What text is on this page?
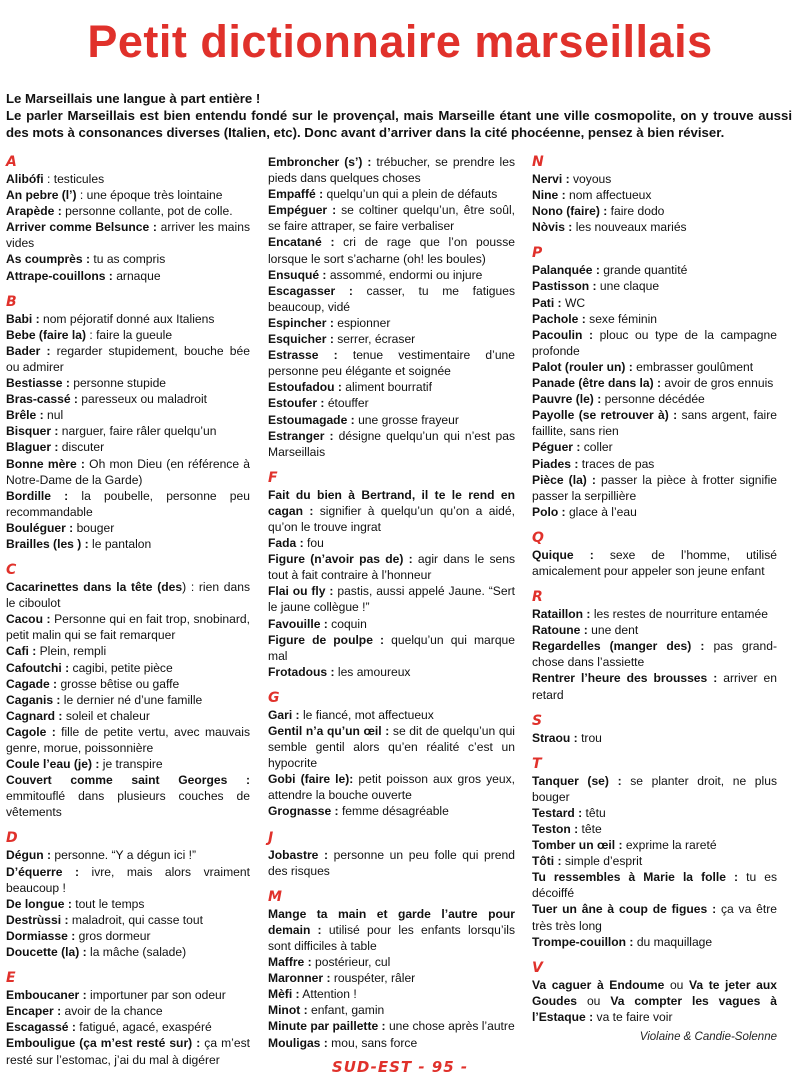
Petit dictionnaire marseillais
Le Marseillais une langue à part entière !
Le parler Marseillais est bien entendu fondé sur le provençal, mais Marseille étant une ville cosmopolite, on y trouve aussi des mots à consonances diverses (Italien, etc). Donc avant d’arriver dans la cité phocéenne, pensez à bien réviser.
A
Alibófi : testicules
An pebre (l’) : une époque très lointaine
Arapède : personne collante, pot de colle.
Arriver comme Belsunce : arriver les mains vides
As coumprès : tu as compris
Attrape-couillons : arnaque
B
Babi : nom péjoratif donné aux Italiens
Bebe (faire la) : faire la gueule
Bader : regarder stupidement, bouche bée ou admirer
Bestiasse : personne stupide
Bras-cassé : paresseux ou maladroit
Brêle : nul
Bisquer : narguer, faire râler quelqu’un
Blaguer : discuter
Bonne mère : Oh mon Dieu (en référence à Notre-Dame de la Garde)
Bordille : la poubelle, personne peu recommandable
Bouléguer : bouger
Brailles (les ) : le pantalon
C
Cacarinettes dans la tête (des) : rien dans le ciboulot
Cacou : Personne qui en fait trop, snobinard, petit malin qui se fait remarquer
Cafi : Plein, rempli
Cafoutchi : cagibi, petite pièce
Cagade : grosse bêtise ou gaffe
Caganis : le dernier né d’une famille
Cagnard : soleil et chaleur
Cagole : fille de petite vertu, avec mauvais genre, morue, poissonnière
Coule l’eau (je) : je transpire
Couvert comme saint Georges : emmitouflé dans plusieurs couches de vêtements
D
Dégun : personne. “Y a dégun ici !”
D’équerre : ivre, mais alors vraiment beaucoup !
De longue : tout le temps
Destrùssi : maladroit, qui casse tout
Dormiasse : gros dormeur
Doucette (la) : la mâche (salade)
E
Emboucaner : importuner par son odeur
Encaper : avoir de la chance
Escagassé : fatigué, agacé, exaspéré
Embouligue (ça m’est resté sur) : ça m’est resté sur l’estomac, j’ai du mal à digérer
Embroncher (s’) : trébucher, se prendre les pieds dans quelques choses
Empaffé : quelqu’un qui a plein de défauts
Empéguer : se coltiner quelqu’un, être soûl, se faire attraper, se faire verbaliser
Encatané : cri de rage que l’on pousse lorsque le sort s’acharne (oh! les boules)
Ensuqué : assommé, endormi ou injure
Escagasser : casser, tu me fatigues beaucoup, vidé
Espincher : espionner
Esquicher : serrer, écraser
Estrasse : tenue vestimentaire d’une personne peu élégante et soignée
Estoufadou : aliment bourratif
Estoufer : étouffer
Estoumagade : une grosse frayeur
Estranger : désigne quelqu’un qui n’est pas Marseillais
F
Fait du bien à Bertrand, il te le rend en cagan : signifier à quelqu’un qu’on a aidé, qu’on le trouve ingrat
Fada : fou
Figure (n’avoir pas de) : agir dans le sens tout à fait contraire à l’honneur
Flai ou fly : pastis, aussi appelé Jaune. “Sert le jaune collègue !”
Favouille : coquin
Figure de poulpe : quelqu’un qui marque mal
Frotadous : les amoureux
G
Gari : le fiancé, mot affectueux
Gentil n’a qu’un œil : se dit de quelqu’un qui semble gentil alors qu’en réalité c’est un hypocrite
Gobi (faire le): petit poisson aux gros yeux, attendre la bouche ouverte
Grognasse : femme désagréable
J
Jobastre : personne un peu folle qui prend des risques
M
Mange ta main et garde l’autre pour demain : utilisé pour les enfants lorsqu’ils sont difficiles à table
Maffre : postérieur, cul
Maronner : rouspéter, râler
Mèfi : Attention !
Minot : enfant, gamin
Minute par paillette : une chose après l’autre
Mouligas : mou, sans force
N
Nervi : voyous
Nine : nom affectueux
Nono (faire) : faire dodo
Nòvis : les nouveaux mariés
P
Palanquée : grande quantité
Pastisson : une claque
Pati : WC
Pachole : sexe féminin
Pacoulin : plouc ou type de la campagne profonde
Palot (rouler un) : embrasser goulûment
Panade (être dans la) : avoir de gros ennuis
Pauvre (le) : personne décédée
Payolle (se retrouver à) : sans argent, faire faillite, sans rien
Péguer : coller
Piades : traces de pas
Pièce (la) : passer la pièce à frotter signifie passer la serpillière
Polo : glace à l’eau
Q
Quique : sexe de l’homme, utilisé amicalement pour appeler son jeune enfant
R
Rataillon : les restes de nourriture entamée
Ratoune : une dent
Regardelles (manger des) : pas grand-chose dans l’assiette
Rentrer l’heure des brousses : arriver en retard
S
Straou : trou
T
Tanquer (se) : se planter droit, ne plus bouger
Testard : têtu
Teston : tête
Tomber un œil : exprime la rareté
Tôti : simple d’esprit
Tu ressembles à Marie la folle : tu es décoiffé
Tuer un âne à coup de figues : ça va être très très long
Trompe-couillon : du maquillage
V
Va caguer à Endoume ou Va te jeter aux Goudes ou Va compter les vagues à l’Estaque : va te faire voir
Violaine & Candie-Solenne
SUD-EST - 95 -
